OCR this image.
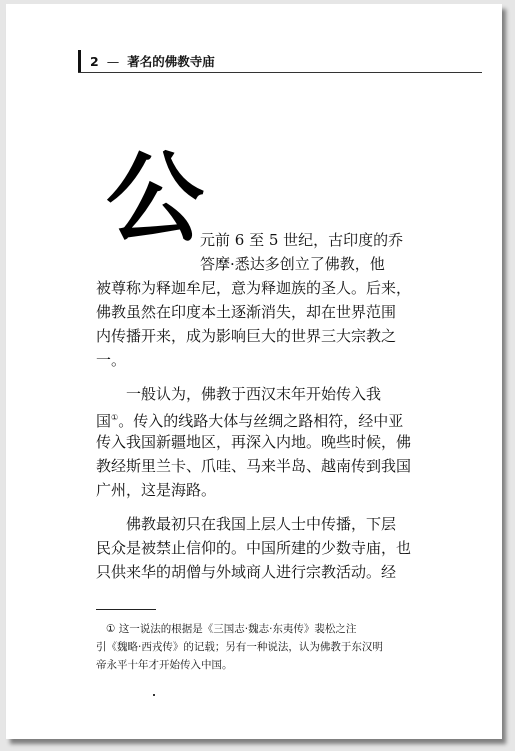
2 — 著名的佛教寺庙
公
元前 6 至 5 世纪，古印度的乔
答摩·悉达多创立了佛教，他
被尊称为释迦牟尼，意为释迦族的圣人。后来，
佛教虽然在印度本土逐渐消失，却在世界范围
内传播开来，成为影响巨大的世界三大宗教之
一。
一般认为，佛教于西汉末年开始传入我
国①。传入的线路大体与丝绸之路相符，经中亚
传入我国新疆地区，再深入内地。晚些时候，佛
教经斯里兰卡、爪哇、马来半岛、越南传到我国
广州，这是海路。
佛教最初只在我国上层人士中传播，下层
民众是被禁止信仰的。中国所建的少数寺庙，也
只供来华的胡僧与外域商人进行宗教活动。经
① 这一说法的根据是《三国志·魏志·东夷传》裴松之注
引《魏略·西戎传》的记载；另有一种说法，认为佛教于东汉明
帝永平十年才开始传入中国。
